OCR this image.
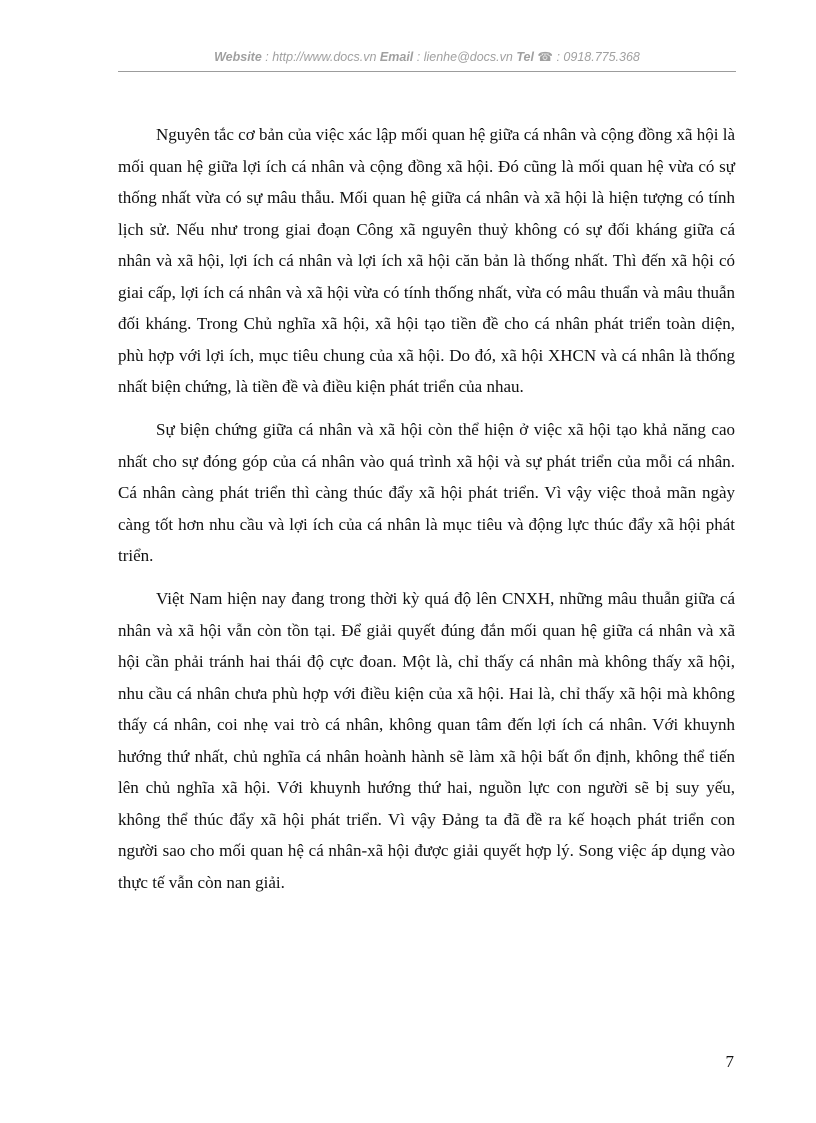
Website : http://www.docs.vn Email : lienhe@docs.vn Tel ☎ : 0918.775.368

Nguyên tắc cơ bản của việc xác lập mối quan hệ giữa cá nhân và cộng đồng xã hội là mối quan hệ giữa lợi ích cá nhân và cộng đồng xã hội. Đó cũng là mối quan hệ vừa có sự thống nhất vừa có sự mâu thẫu. Mối quan hệ giữa cá nhân và xã hội là hiện tượng có tính lịch sử. Nếu như trong giai đoạn Công xã nguyên thuỷ không có sự đối kháng giữa cá nhân và xã hội, lợi ích cá nhân và lợi ích xã hội căn bản là thống nhất. Thì đến xã hội có giai cấp, lợi ích cá nhân và xã hội vừa có tính thống nhất, vừa có mâu thuẩn và mâu thuẫn đối kháng. Trong Chủ nghĩa xã hội, xã hội tạo tiền đề cho cá nhân phát triển toàn diện, phù hợp với lợi ích, mục tiêu chung của xã hội. Do đó, xã hội XHCN và cá nhân là thống nhất biện chứng, là tiền đề và điều kiện phát triển của nhau.

Sự biện chứng giữa cá nhân và xã hội còn thể hiện ở việc xã hội tạo khả năng cao nhất cho sự đóng góp của cá nhân vào quá trình xã hội và sự phát triển của mỗi cá nhân. Cá nhân càng phát triển thì càng thúc đẩy xã hội phát triển. Vì vậy việc thoả mãn ngày càng tốt hơn nhu cầu và lợi ích của cá nhân là mục tiêu và động lực thúc đẩy xã hội phát triển.

Việt Nam hiện nay đang trong thời kỳ quá độ lên CNXH, những mâu thuẫn giữa cá nhân và xã hội vẫn còn tồn tại. Để giải quyết đúng đắn mối quan hệ giữa cá nhân và xã hội cần phải tránh hai thái độ cực đoan. Một là, chỉ thấy cá nhân mà không thấy xã hội, nhu cầu cá nhân chưa phù hợp với điều kiện của xã hội. Hai là, chỉ thấy xã hội mà không thấy cá nhân, coi nhẹ vai trò cá nhân, không quan tâm đến lợi ích cá nhân. Với khuynh hướng thứ nhất, chủ nghĩa cá nhân hoành hành sẽ làm xã hội bất ổn định, không thể tiến lên chủ nghĩa xã hội. Với khuynh hướng thứ hai, nguồn lực con người sẽ bị suy yếu, không thể thúc đẩy xã hội phát triển. Vì vậy Đảng ta đã đề ra kế hoạch phát triển con người sao cho mối quan hệ cá nhân-xã hội được giải quyết hợp lý. Song việc áp dụng vào thực tế vẫn còn nan giải.

7
